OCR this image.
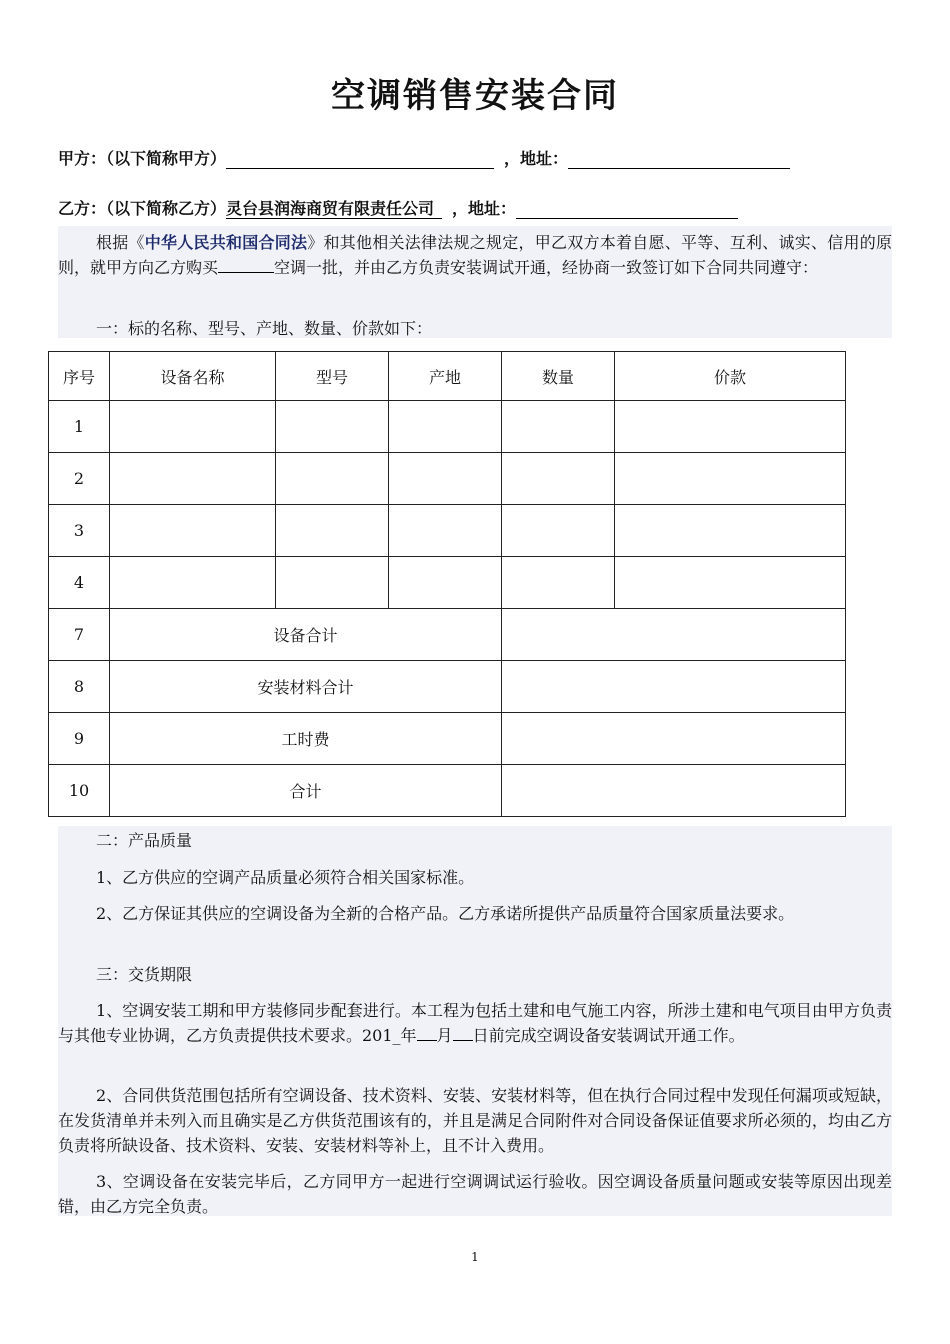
空调销售安装合同
甲方：（以下简称甲方）	，地址：
乙方：（以下简称乙方）灵台县润海商贸有限责任公司 ，地址：

根据《中华人民共和国合同法》和其他相关法律法规之规定，甲乙双方本着自愿、平等、互利、诚实、信用的原则，就甲方向乙方购买	空调一批，并由乙方负责安装调试开通，经协商一致签订如下合同共同遵守：

一：标的名称、型号、产地、数量、价款如下：

序号	设备名称	型号	产地	数量	价款
1					
2					
3					
4					
7	设备合计				
8	安装材料合计				
9	工时费				
10	合计				

二：产品质量

1、乙方供应的空调产品质量必须符合相关国家标准。

2、乙方保证其供应的空调设备为全新的合格产品。乙方承诺所提供产品质量符合国家质量法要求。

三：交货期限

1、空调安装工期和甲方装修同步配套进行。本工程为包括土建和电气施工内容，所涉土建和电气项目由甲方负责与其他专业协调，乙方负责提供技术要求。201_年 月 日前完成空调设备安装调试开通工作。

2、合同供货范围包括所有空调设备、技术资料、安装、安装材料等，但在执行合同过程中发现任何漏项或短缺，在发货清单并未列入而且确实是乙方供货范围该有的，并且是满足合同附件对合同设备保证值要求所必须的，均由乙方负责将所缺设备、技术资料、安装、安装材料等补上，且不计入费用。

3、空调设备在安装完毕后，乙方同甲方一起进行空调调试运行验收。因空调设备质量问题或安装等原因出现差错，由乙方完全负责。

1
